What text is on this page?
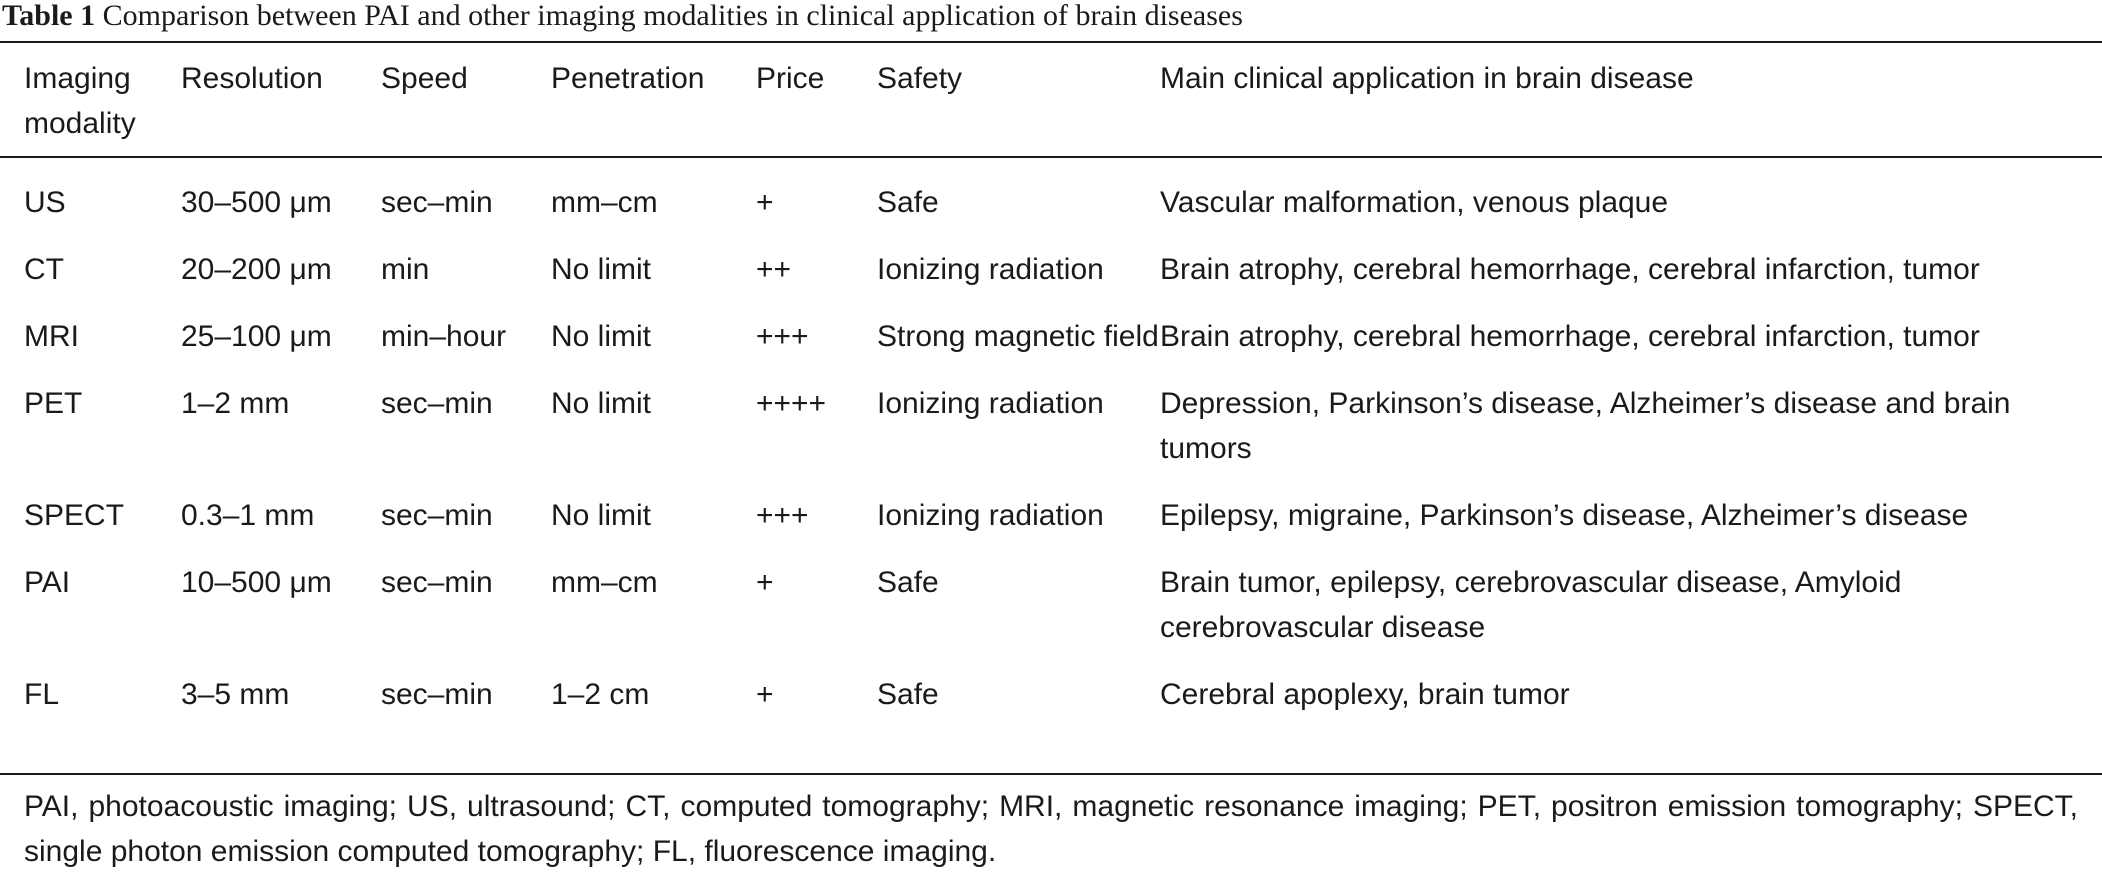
Table 1 Comparison between PAI and other imaging modalities in clinical application of brain diseases
Imaging modality	Resolution	Speed	Penetration	Price	Safety	Main clinical application in brain disease
US	30–500 μm	sec–min	mm–cm	+	Safe	Vascular malformation, venous plaque
CT	20–200 μm	min	No limit	++	Ionizing radiation	Brain atrophy, cerebral hemorrhage, cerebral infarction, tumor
MRI	25–100 μm	min–hour	No limit	+++	Strong magnetic field	Brain atrophy, cerebral hemorrhage, cerebral infarction, tumor
PET	1–2 mm	sec–min	No limit	++++	Ionizing radiation	Depression, Parkinson’s disease, Alzheimer’s disease and brain tumors
SPECT	0.3–1 mm	sec–min	No limit	+++	Ionizing radiation	Epilepsy, migraine, Parkinson’s disease, Alzheimer’s disease
PAI	10–500 μm	sec–min	mm–cm	+	Safe	Brain tumor, epilepsy, cerebrovascular disease, Amyloid cerebrovascular disease
FL	3–5 mm	sec–min	1–2 cm	+	Safe	Cerebral apoplexy, brain tumor
PAI, photoacoustic imaging; US, ultrasound; CT, computed tomography; MRI, magnetic resonance imaging; PET, positron emission tomography; SPECT, single photon emission computed tomography; FL, fluorescence imaging.
